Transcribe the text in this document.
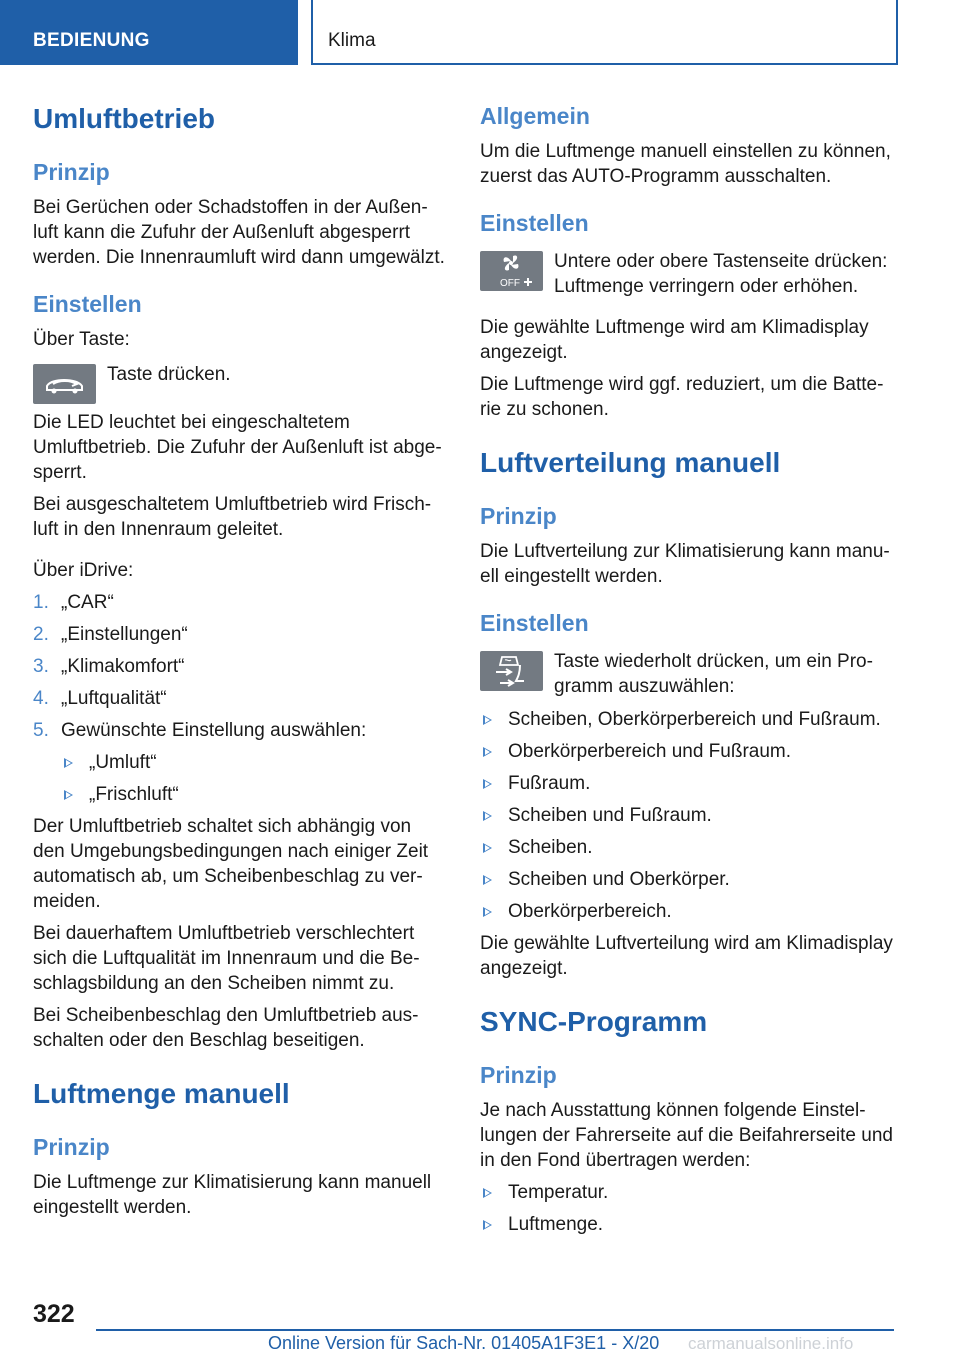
BEDIENUNG	Klima
Umluftbetrieb
Prinzip

Bei Gerüchen oder Schadstoffen in der Außen-luft kann die Zufuhr der Außenluft abgesperrt werden. Die Innenraumluft wird dann umgewälzt.

Einstellen

Über Taste:

Taste drücken.

Die LED leuchtet bei eingeschaltetem Umluftbetrieb. Die Zufuhr der Außenluft ist abge-sperrt.

Bei ausgeschaltetem Umluftbetrieb wird Frisch-luft in den Innenraum geleitet.

Über iDrive:

1. „CAR“
2. „Einstellungen“
3. „Klimakomfort“
4. „Luftqualität“
5. Gewünschte Einstellung auswählen:
„Umluft“
„Frischluft“

Der Umluftbetrieb schaltet sich abhängig von den Umgebungsbedingungen nach einiger Zeit automatisch ab, um Scheibenbeschlag zu ver-meiden.

Bei dauerhaftem Umluftbetrieb verschlechtert sich die Luftqualität im Innenraum und die Be-schlagsbildung an den Scheiben nimmt zu.

Bei Scheibenbeschlag den Umluftbetrieb aus-schalten oder den Beschlag beseitigen.

Luftmenge manuell
Prinzip

Die Luftmenge zur Klimatisierung kann manuell eingestellt werden.

Allgemein

Um die Luftmenge manuell einstellen zu können, zuerst das AUTO-Programm ausschalten.

Einstellen
OFF

Untere oder obere Tastenseite drücken: Luftmenge verringern oder erhöhen.

Die gewählte Luftmenge wird am Klimadisplay angezeigt.

Die Luftmenge wird ggf. reduziert, um die Batte-rie zu schonen.

Luftverteilung manuell
Prinzip

Die Luftverteilung zur Klimatisierung kann manu-ell eingestellt werden.

Einstellen

Taste wiederholt drücken, um ein Pro-gramm auszuwählen:

Scheiben, Oberkörperbereich und Fußraum.
Oberkörperbereich und Fußraum.
Fußraum.
Scheiben und Fußraum.
Scheiben.
Scheiben und Oberkörper.
Oberkörperbereich.

Die gewählte Luftverteilung wird am Klimadisplay angezeigt.

SYNC-Programm
Prinzip

Je nach Ausstattung können folgende Einstel-lungen der Fahrerseite auf die Beifahrerseite und in den Fond übertragen werden:

Temperatur.
Luftmenge.
322
Online Version für Sach-Nr. 01405A1F3E1 - X/20 carmanualsonline.info
